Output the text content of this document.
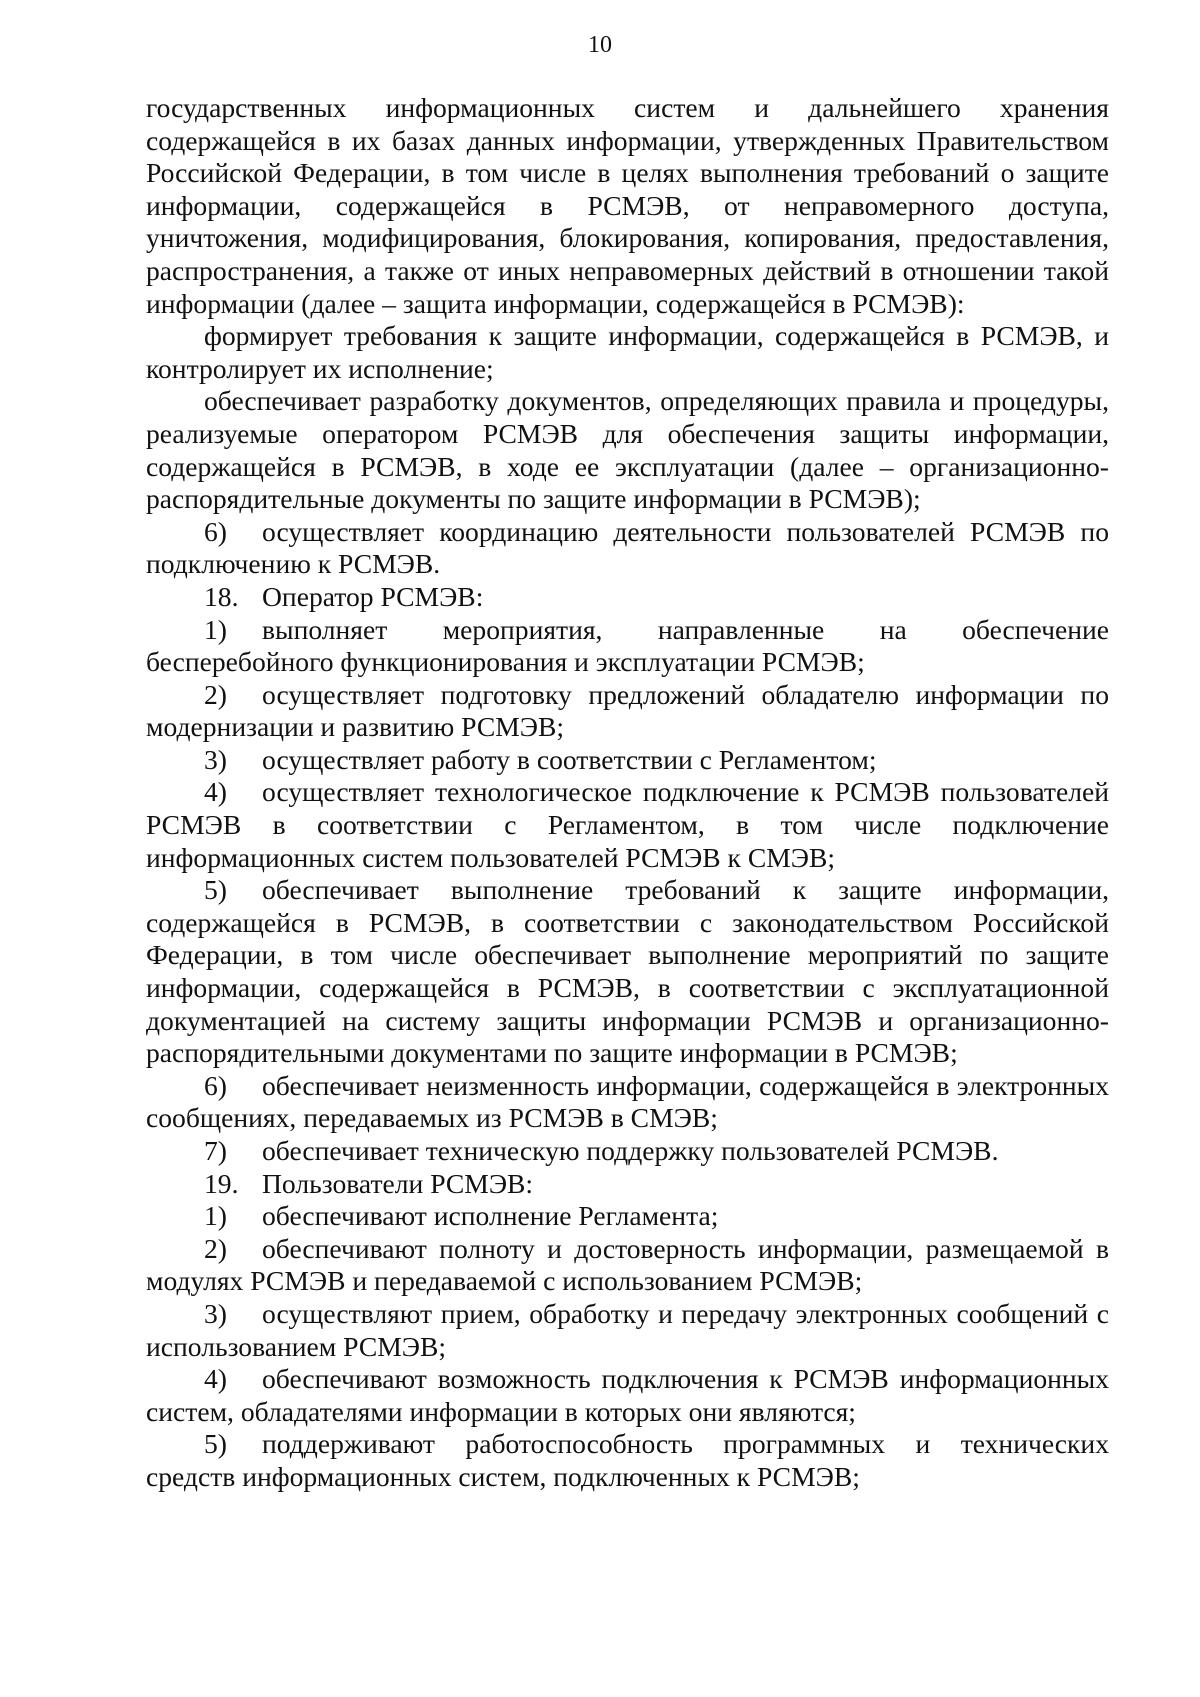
10

государственных информационных систем и дальнейшего хранения содержащейся в их базах данных информации, утвержденных Правительством Российской Федерации, в том числе в целях выполнения требований о защите информации, содержащейся в РСМЭВ, от неправомерного доступа, уничтожения, модифицирования, блокирования, копирования, предоставления, распространения, а также от иных неправомерных действий в отношении такой информации (далее – защита информации, содержащейся в РСМЭВ):

формирует требования к защите информации, содержащейся в РСМЭВ, и контролирует их исполнение;

обеспечивает разработку документов, определяющих правила и процедуры, реализуемые оператором РСМЭВ для обеспечения защиты информации, содержащейся в РСМЭВ, в ходе ее эксплуатации (далее – организационно-распорядительные документы по защите информации в РСМЭВ);

6) осуществляет координацию деятельности пользователей РСМЭВ по подключению к РСМЭВ.

18. Оператор РСМЭВ:

1) выполняет мероприятия, направленные на обеспечение бесперебойного функционирования и эксплуатации РСМЭВ;

2) осуществляет подготовку предложений обладателю информации по модернизации и развитию РСМЭВ;

3) осуществляет работу в соответствии с Регламентом;

4) осуществляет технологическое подключение к РСМЭВ пользователей РСМЭВ в соответствии с Регламентом, в том числе подключение информационных систем пользователей РСМЭВ к СМЭВ;

5) обеспечивает выполнение требований к защите информации, содержащейся в РСМЭВ, в соответствии с законодательством Российской Федерации, в том числе обеспечивает выполнение мероприятий по защите информации, содержащейся в РСМЭВ, в соответствии с эксплуатационной документацией на систему защиты информации РСМЭВ и организационно-распорядительными документами по защите информации в РСМЭВ;

6) обеспечивает неизменность информации, содержащейся в электронных сообщениях, передаваемых из РСМЭВ в СМЭВ;

7) обеспечивает техническую поддержку пользователей РСМЭВ.

19. Пользователи РСМЭВ:

1) обеспечивают исполнение Регламента;

2) обеспечивают полноту и достоверность информации, размещаемой в модулях РСМЭВ и передаваемой с использованием РСМЭВ;

3) осуществляют прием, обработку и передачу электронных сообщений с использованием РСМЭВ;

4) обеспечивают возможность подключения к РСМЭВ информационных систем, обладателями информации в которых они являются;

5) поддерживают работоспособность программных и технических средств информационных систем, подключенных к РСМЭВ;
